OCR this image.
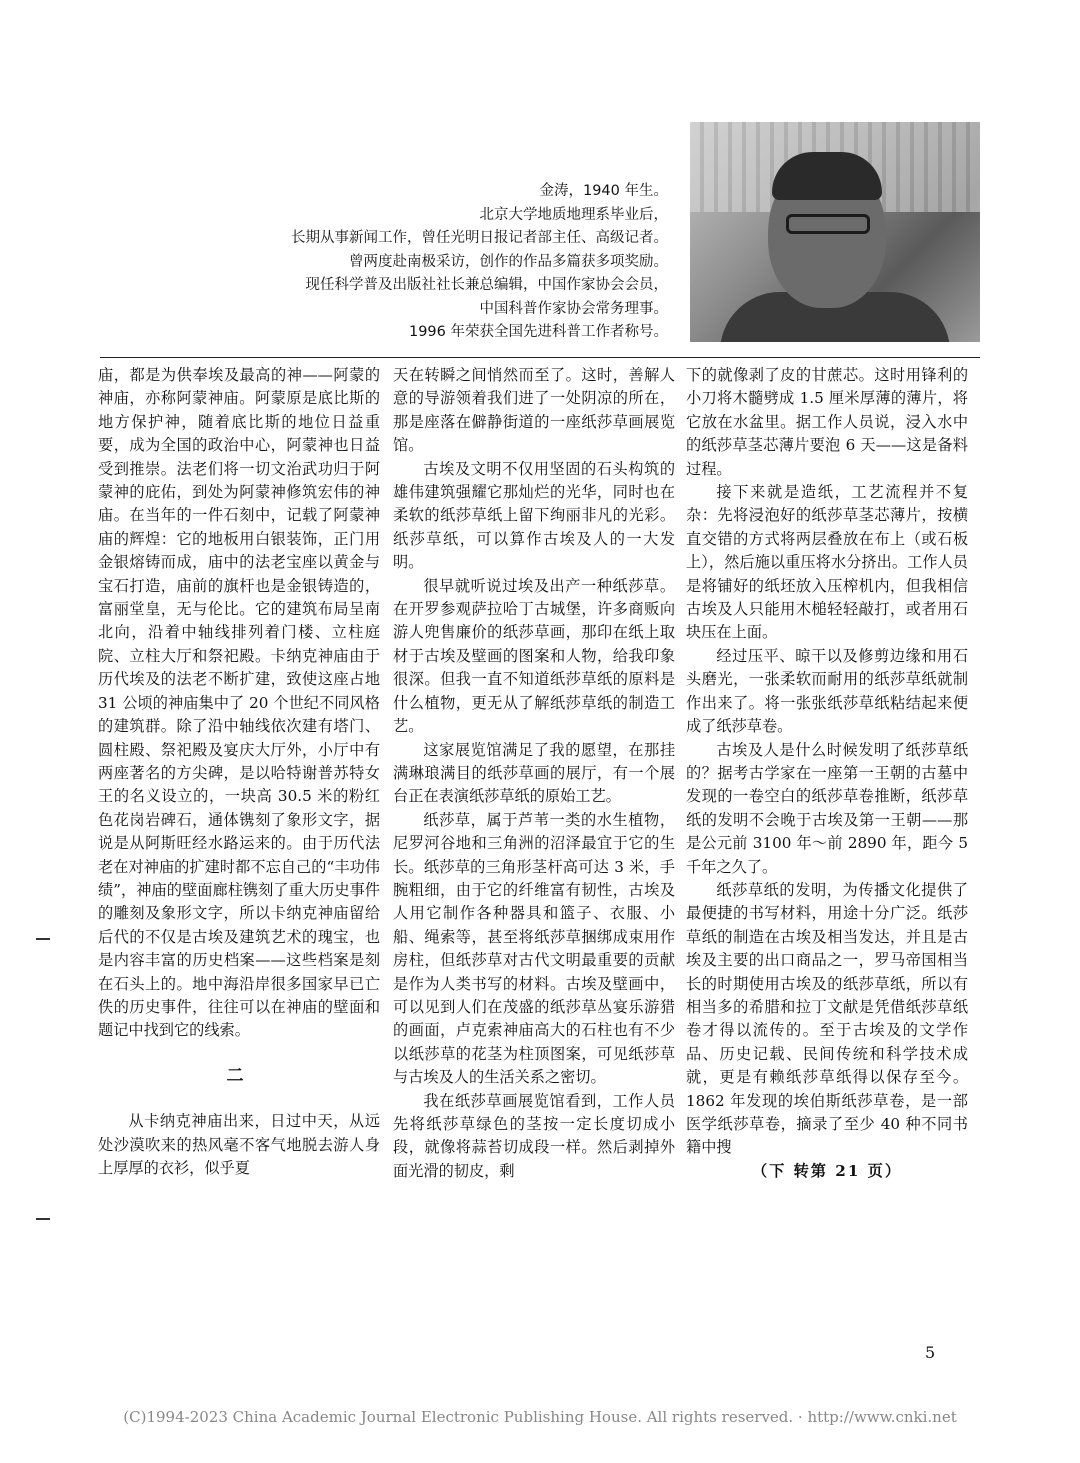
金涛，1940 年生。
北京大学地质地理系毕业后，
长期从事新闻工作，曾任光明日报记者部主任、高级记者。
曾两度赴南极采访，创作的作品多篇获多项奖励。
现任科学普及出版社社长兼总编辑，中国作家协会会员，
中国科普作家协会常务理事。
1996 年荣获全国先进科普工作者称号。

庙，都是为供奉埃及最高的神——阿蒙的神庙，亦称阿蒙神庙。阿蒙原是底比斯的地方保护神，随着底比斯的地位日益重要，成为全国的政治中心，阿蒙神也日益受到推崇。法老们将一切文治武功归于阿蒙神的庇佑，到处为阿蒙神修筑宏伟的神庙。在当年的一件石刻中，记载了阿蒙神庙的辉煌：它的地板用白银装饰，正门用金银熔铸而成，庙中的法老宝座以黄金与宝石打造，庙前的旗杆也是金银铸造的，富丽堂皇，无与伦比。它的建筑布局呈南北向，沿着中轴线排列着门楼、立柱庭院、立柱大厅和祭祀殿。卡纳克神庙由于历代埃及的法老不断扩建，致使这座占地 31 公顷的神庙集中了 20 个世纪不同风格的建筑群。除了沿中轴线依次建有塔门、圆柱殿、祭祀殿及宴庆大厅外，小厅中有两座著名的方尖碑，是以哈特谢普苏特女王的名义设立的，一块高 30.5 米的粉红色花岗岩碑石，通体镌刻了象形文字，据说是从阿斯旺经水路运来的。由于历代法老在对神庙的扩建时都不忘自己的“丰功伟绩”，神庙的壁面廊柱镌刻了重大历史事件的雕刻及象形文字，所以卡纳克神庙留给后代的不仅是古埃及建筑艺术的瑰宝，也是内容丰富的历史档案——这些档案是刻在石头上的。地中海沿岸很多国家早已亡佚的历史事件，往往可以在神庙的壁面和题记中找到它的线索。

二

从卡纳克神庙出来，日过中天，从远处沙漠吹来的热风毫不客气地脱去游人身上厚厚的衣衫，似乎夏

天在转瞬之间悄然而至了。这时，善解人意的导游领着我们进了一处阴凉的所在，那是座落在僻静街道的一座纸莎草画展览馆。

古埃及文明不仅用坚固的石头构筑的雄伟建筑强耀它那灿烂的光华，同时也在柔软的纸莎草纸上留下绚丽非凡的光彩。纸莎草纸，可以算作古埃及人的一大发明。

很早就听说过埃及出产一种纸莎草。在开罗参观萨拉哈丁古城堡，许多商贩向游人兜售廉价的纸莎草画，那印在纸上取材于古埃及壁画的图案和人物，给我印象很深。但我一直不知道纸莎草纸的原料是什么植物，更无从了解纸莎草纸的制造工艺。

这家展览馆满足了我的愿望，在那挂满琳琅满目的纸莎草画的展厅，有一个展台正在表演纸莎草纸的原始工艺。

纸莎草，属于芦苇一类的水生植物，尼罗河谷地和三角洲的沼泽最宜于它的生长。纸莎草的三角形茎杆高可达 3 米，手腕粗细，由于它的纤维富有韧性，古埃及人用它制作各种器具和篮子、衣服、小船、绳索等，甚至将纸莎草捆绑成束用作房柱，但纸莎草对古代文明最重要的贡献是作为人类书写的材料。古埃及壁画中，可以见到人们在茂盛的纸莎草丛宴乐游猎的画面，卢克索神庙高大的石柱也有不少以纸莎草的花茎为柱顶图案，可见纸莎草与古埃及人的生活关系之密切。

我在纸莎草画展览馆看到，工作人员先将纸莎草绿色的茎按一定长度切成小段，就像将蒜苔切成段一样。然后剥掉外面光滑的韧皮，剩

下的就像剥了皮的甘蔗芯。这时用锋利的小刀将木髓劈成 1.5 厘米厚薄的薄片，将它放在水盆里。据工作人员说，浸入水中的纸莎草茎芯薄片要泡 6 天——这是备料过程。

接下来就是造纸，工艺流程并不复杂：先将浸泡好的纸莎草茎芯薄片，按横直交错的方式将两层叠放在布上（或石板上），然后施以重压将水分挤出。工作人员是将铺好的纸坯放入压榨机内，但我相信古埃及人只能用木槌轻轻敲打，或者用石块压在上面。

经过压平、晾干以及修剪边缘和用石头磨光，一张柔软而耐用的纸莎草纸就制作出来了。将一张张纸莎草纸粘结起来便成了纸莎草卷。

古埃及人是什么时候发明了纸莎草纸的？据考古学家在一座第一王朝的古墓中发现的一卷空白的纸莎草卷推断，纸莎草纸的发明不会晚于古埃及第一王朝——那是公元前 3100 年～前 2890 年，距今 5 千年之久了。

纸莎草纸的发明，为传播文化提供了最便捷的书写材料，用途十分广泛。纸莎草纸的制造在古埃及相当发达，并且是古埃及主要的出口商品之一，罗马帝国相当长的时期使用古埃及的纸莎草纸，所以有相当多的希腊和拉丁文献是凭借纸莎草纸卷才得以流传的。至于古埃及的文学作品、历史记载、民间传统和科学技术成就，更是有赖纸莎草纸得以保存至今。1862 年发现的埃伯斯纸莎草卷，是一部医学纸莎草卷，摘录了至少 40 种不同书籍中搜

（下 转第 21 页）
5
(C)1994-2023 China Academic Journal Electronic Publishing House. All rights reserved. · http://www.cnki.net
